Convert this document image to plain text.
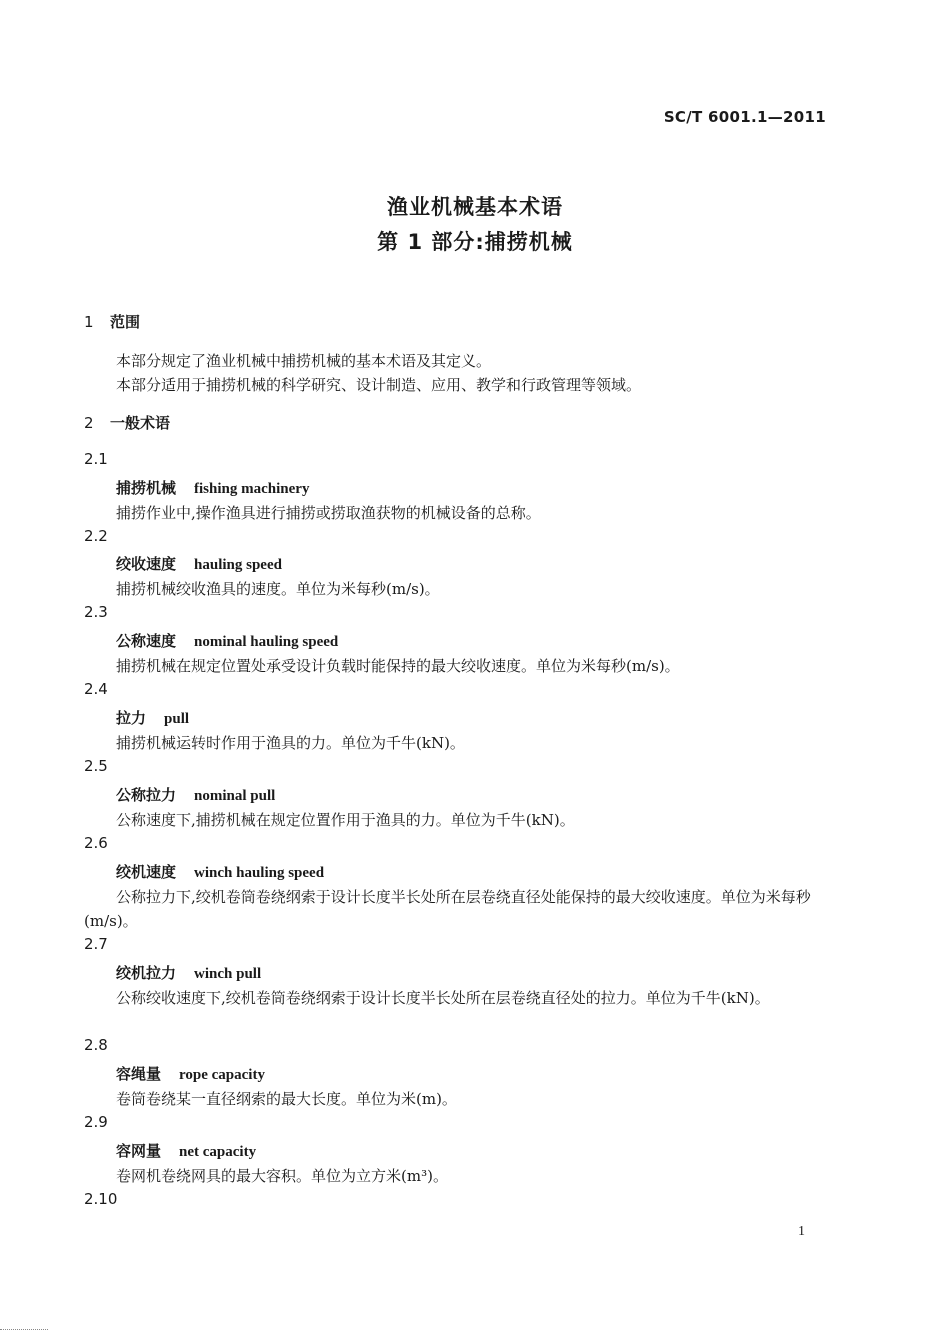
SC/T 6001.1—2011
渔业机械基本术语
第 1 部分:捕捞机械
1 范围
本部分规定了渔业机械中捕捞机械的基本术语及其定义。
本部分适用于捕捞机械的科学研究、设计制造、应用、教学和行政管理等领域。
2 一般术语
2.1
捕捞机械 fishing machinery
捕捞作业中,操作渔具进行捕捞或捞取渔获物的机械设备的总称。
2.2
绞收速度 hauling speed
捕捞机械绞收渔具的速度。单位为米每秒(m/s)。
2.3
公称速度 nominal hauling speed
捕捞机械在规定位置处承受设计负载时能保持的最大绞收速度。单位为米每秒(m/s)。
2.4
拉力 pull
捕捞机械运转时作用于渔具的力。单位为千牛(kN)。
2.5
公称拉力 nominal pull
公称速度下,捕捞机械在规定位置作用于渔具的力。单位为千牛(kN)。
2.6
绞机速度 winch hauling speed
公称拉力下,绞机卷筒卷绕纲索于设计长度半长处所在层卷绕直径处能保持的最大绞收速度。单位为米每秒(m/s)。
2.7
绞机拉力 winch pull
公称绞收速度下,绞机卷筒卷绕纲索于设计长度半长处所在层卷绕直径处的拉力。单位为千牛(kN)。
2.8
容绳量 rope capacity
卷筒卷绕某一直径纲索的最大长度。单位为米(m)。
2.9
容网量 net capacity
卷网机卷绕网具的最大容积。单位为立方米(m³)。
2.10
1
